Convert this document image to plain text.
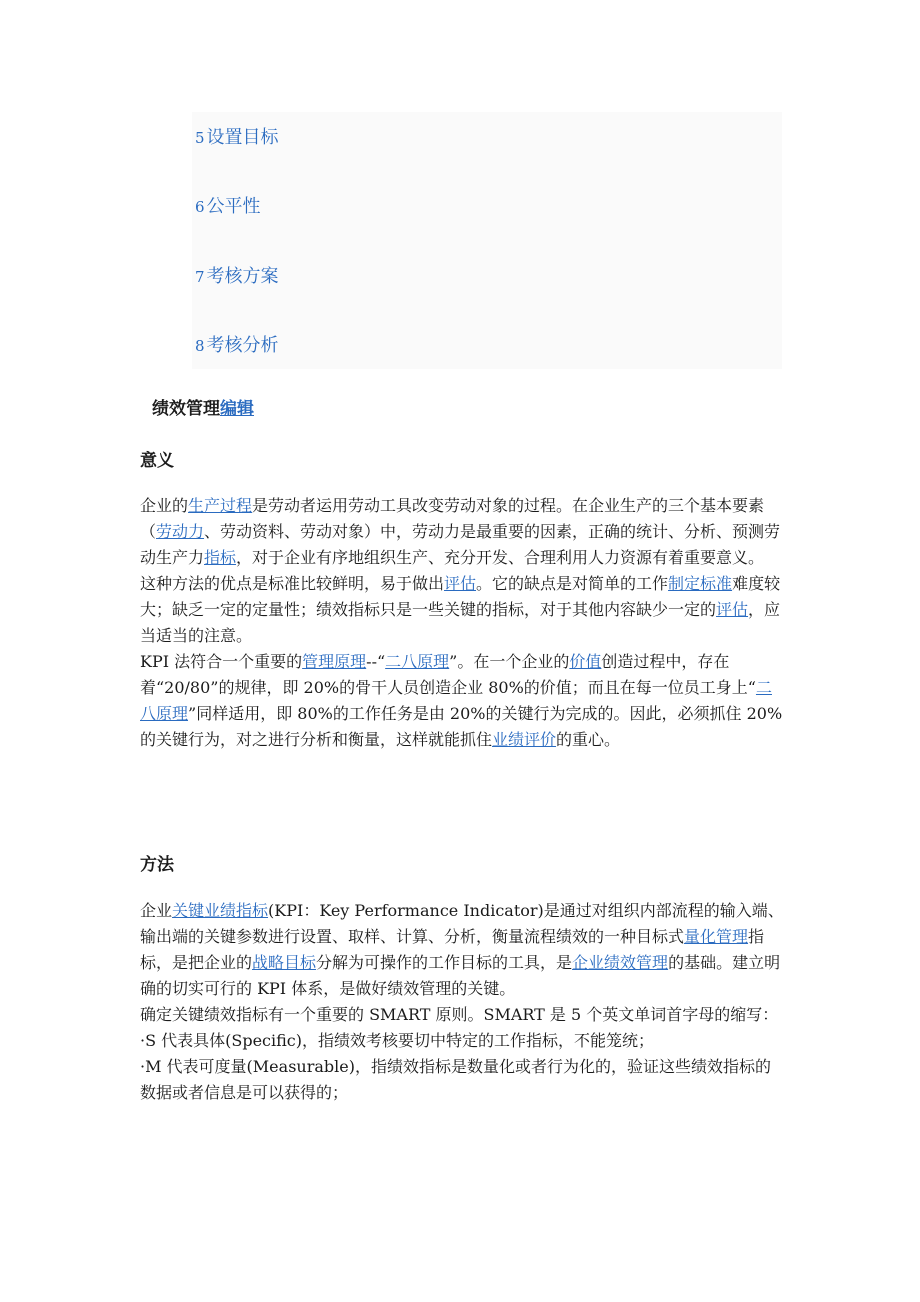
5 设置目标
6 公平性
7 考核方案
8 考核分析
绩效管理编辑
意义

企业的生产过程是劳动者运用劳动工具改变劳动对象的过程。在企业生产的三个基本要素（劳动力、劳动资料、劳动对象）中，劳动力是最重要的因素，正确的统计、分析、预测劳动生产力指标，对于企业有序地组织生产、充分开发、合理利用人力资源有着重要意义。

这种方法的优点是标准比较鲜明，易于做出评估。它的缺点是对简单的工作制定标准难度较大；缺乏一定的定量性；绩效指标只是一些关键的指标，对于其他内容缺少一定的评估，应当适当的注意。

KPI 法符合一个重要的管理原理--“二八原理”。在一个企业的价值创造过程中，存在着“20/80”的规律，即 20%的骨干人员创造企业 80%的价值；而且在每一位员工身上“二八原理”同样适用，即 80%的工作任务是由 20%的关键行为完成的。因此，必须抓住 20%的关键行为，对之进行分析和衡量，这样就能抓住业绩评价的重心。

方法

企业关键业绩指标(KPI：Key Performance Indicator)是通过对组织内部流程的输入端、输出端的关键参数进行设置、取样、计算、分析，衡量流程绩效的一种目标式量化管理指标，是把企业的战略目标分解为可操作的工作目标的工具，是企业绩效管理的基础。建立明确的切实可行的 KPI 体系，是做好绩效管理的关键。

确定关键绩效指标有一个重要的 SMART 原则。SMART 是 5 个英文单词首字母的缩写：

·S 代表具体(Specific)，指绩效考核要切中特定的工作指标，不能笼统；

·M 代表可度量(Measurable)，指绩效指标是数量化或者行为化的，验证这些绩效指标的数据或者信息是可以获得的；
